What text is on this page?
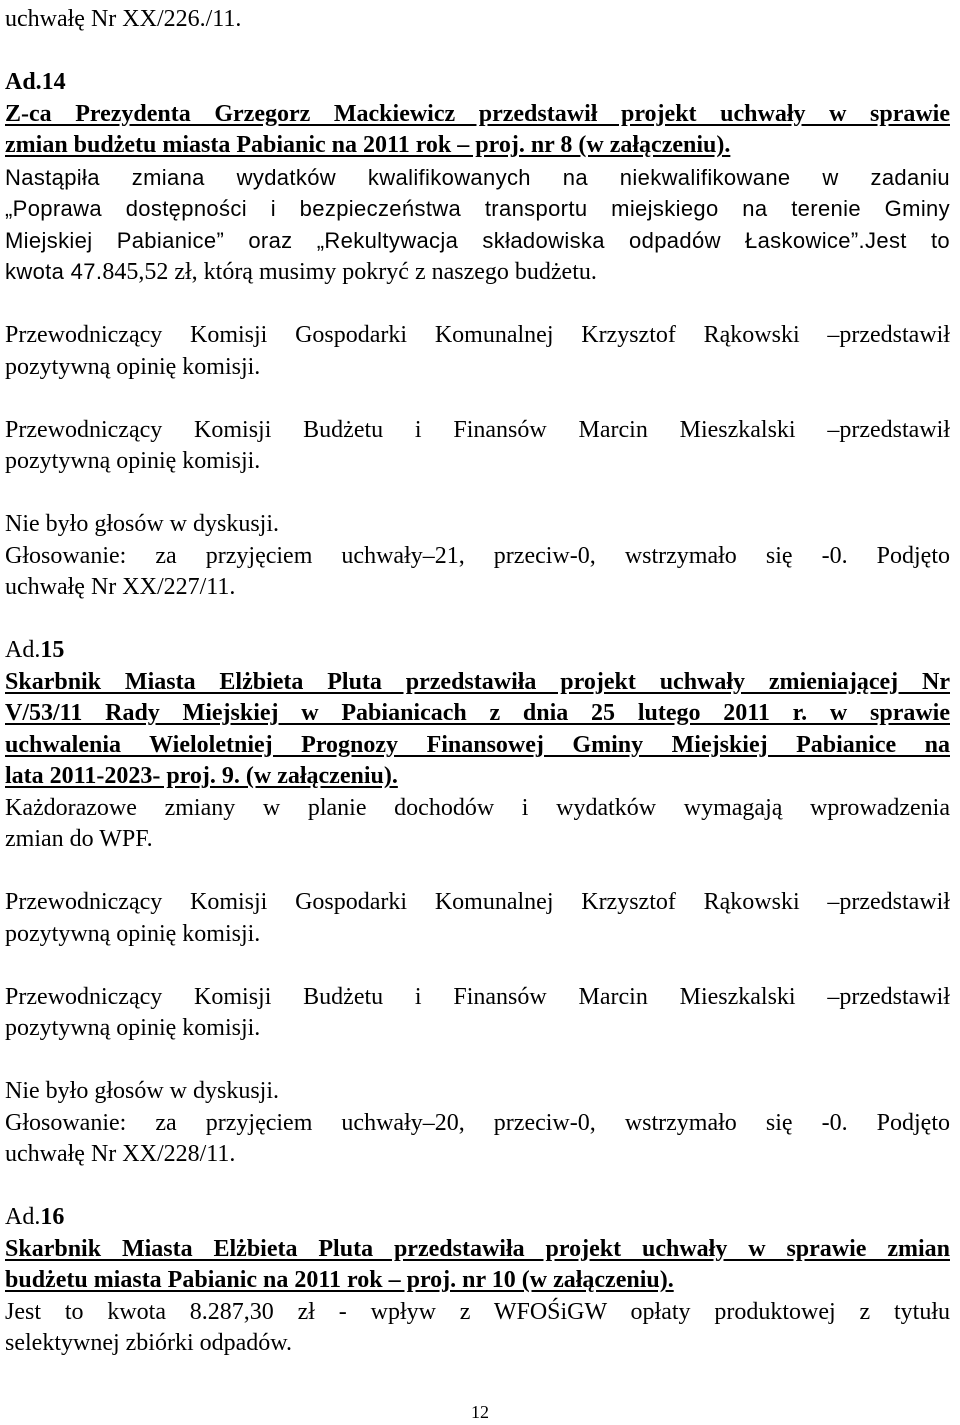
uchwałę Nr XX/226./11.
Ad.14
Z-ca Prezydenta Grzegorz Mackiewicz przedstawił projekt uchwały w sprawie
zmian budżetu miasta Pabianic na 2011 rok – proj. nr 8 (w załączeniu).
Nastąpiła zmiana wydatków kwalifikowanych na niekwalifikowane w zadaniu
„Poprawa dostępności i bezpieczeństwa transportu miejskiego na terenie Gminy
Miejskiej Pabianice” oraz „Rekultywacja składowiska odpadów Łaskowice”.Jest to
kwota 47.845,52 zł, którą musimy pokryć z naszego budżetu.
Przewodniczący Komisji Gospodarki Komunalnej Krzysztof Rąkowski –przedstawił
pozytywną opinię komisji.
Przewodniczący Komisji Budżetu i Finansów Marcin Mieszkalski –przedstawił
pozytywną opinię komisji.
Nie było głosów w dyskusji.
Głosowanie: za przyjęciem uchwały–21, przeciw-0, wstrzymało się -0. Podjęto
uchwałę Nr XX/227/11.
Ad.15
Skarbnik Miasta Elżbieta Pluta przedstawiła projekt uchwały zmieniającej Nr
V/53/11 Rady Miejskiej w Pabianicach z dnia 25 lutego 2011 r. w sprawie
uchwalenia Wieloletniej Prognozy Finansowej Gminy Miejskiej Pabianice na
lata 2011-2023- proj. 9. (w załączeniu).
Każdorazowe zmiany w planie dochodów i wydatków wymagają wprowadzenia
zmian do WPF.
Przewodniczący Komisji Gospodarki Komunalnej Krzysztof Rąkowski –przedstawił
pozytywną opinię komisji.
Przewodniczący Komisji Budżetu i Finansów Marcin Mieszkalski –przedstawił
pozytywną opinię komisji.
Nie było głosów w dyskusji.
Głosowanie: za przyjęciem uchwały–20, przeciw-0, wstrzymało się -0. Podjęto
uchwałę Nr XX/228/11.
Ad.16
Skarbnik Miasta Elżbieta Pluta przedstawiła projekt uchwały w sprawie zmian
budżetu miasta Pabianic na 2011 rok – proj. nr 10 (w załączeniu).
Jest to kwota 8.287,30 zł - wpływ z WFOŚiGW opłaty produktowej z tytułu
selektywnej zbiórki odpadów.
12
